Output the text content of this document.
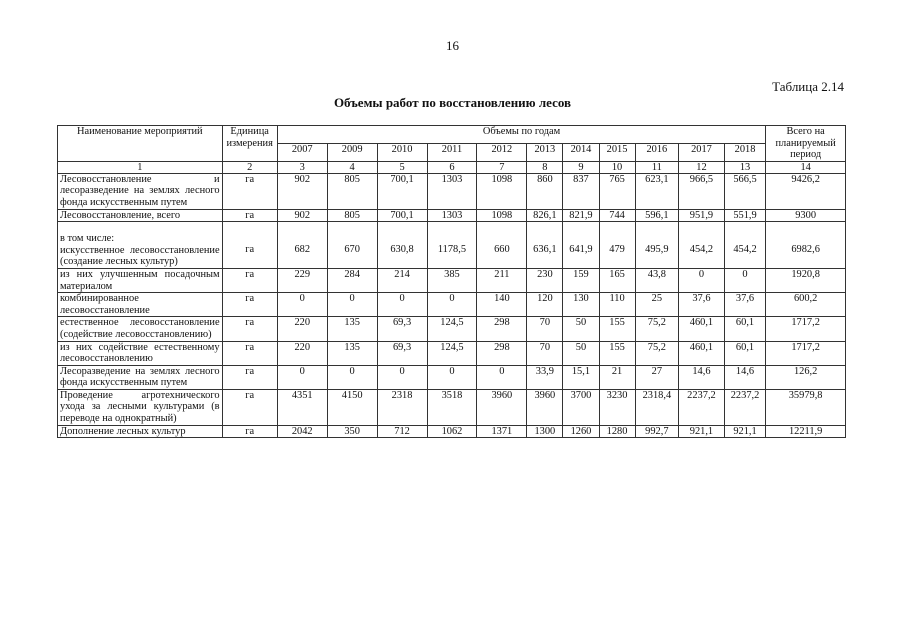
16
Таблица 2.14
Объемы работ по восстановлению лесов
Наименование мероприятий	Единица измерения	Объемы по годам											Всего на планируемый период
		2007	2009	2010	2011	2012	2013	2014	2015	2016	2017	2018	
1	2	3	4	5	6	7	8	9	10	11	12	13	14
Лесовосстановление и лесоразведение на землях лесного фонда искусственным путем	га	902	805	700,1	1303	1098	860	837	765	623,1	966,5	566,5	9426,2
Лесовосстановление, всего	га	902	805	700,1	1303	1098	826,1	821,9	744	596,1	951,9	551,9	9300

в том числе:
искусственное лесовосстановление (создание лесных культур)	га	682	670	630,8	1178,5	660	636,1	641,9	479	495,9	454,2	454,2	6982,6
из них улучшенным посадочным материалом	га	229	284	214	385	211	230	159	165	43,8	0	0	1920,8
комбинированное лесовосстановление	га	0	0	0	0	140	120	130	110	25	37,6	37,6	600,2
естественное лесовосстановление (содействие лесовосстановлению)	га	220	135	69,3	124,5	298	70	50	155	75,2	460,1	60,1	1717,2
из них содействие естественному лесовосстановлению	га	220	135	69,3	124,5	298	70	50	155	75,2	460,1	60,1	1717,2
Лесоразведение на землях лесного фонда искусственным путем	га	0	0	0	0	0	33,9	15,1	21	27	14,6	14,6	126,2
Проведение агротехнического ухода за лесными культурами (в переводе на однократный)	га	4351	4150	2318	3518	3960	3960	3700	3230	2318,4	2237,2	2237,2	35979,8
Дополнение лесных культур	га	2042	350	712	1062	1371	1300	1260	1280	992,7	921,1	921,1	12211,9
